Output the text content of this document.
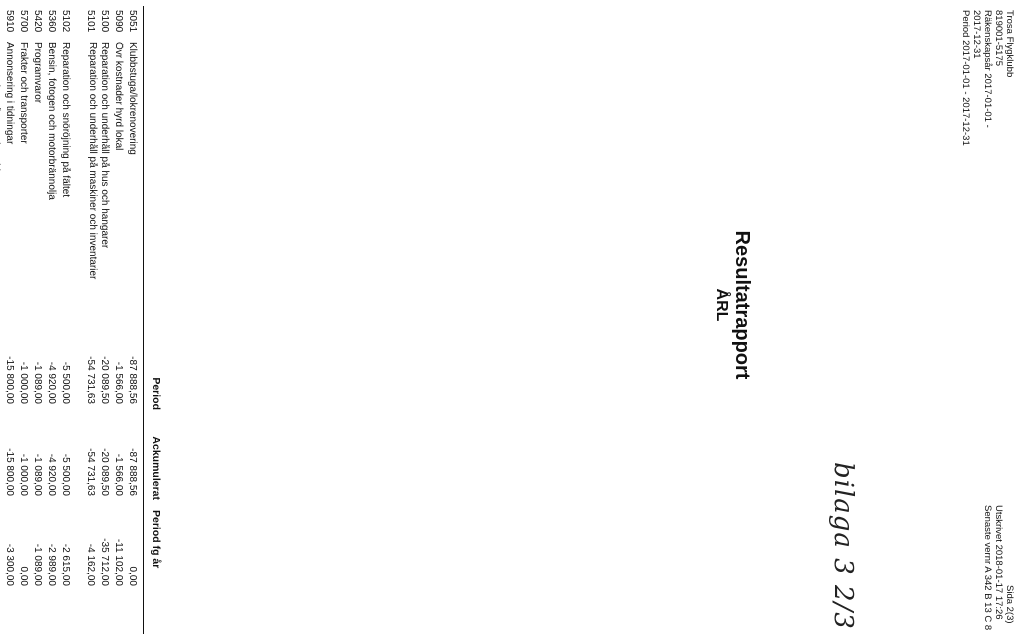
Trosa Flygklubb
819001-5175
Räkenskapsår 2017-01-01 -
2017-12-31
Period 2017-01-01 - 2017-12-31
Resultatrapport
ÅRL
Sida 2(3)
Utskrivet 2018-01-17 17:26
Senaste vernr A 342 B 13 C 8
bilaga 3 2/3
Period
Ackumulerat
Period fg år
5051
Klubbstuga/lokrenovering
-87 888,56
-87 888,56
0,00
5090
Övr kostnader hyrd lokal
-1 566,00
-1 566,00
-11 102,00
5100
Reparation och underhåll på hus och hangarer
-20 089,50
-20 089,50
-35 712,00
5101
Reparation och underhåll på maskiner och inventarier
-54 731,63
-54 731,63
-4 162,00
5102
Reparation och snöröjning på fältet
-5 500,00
-5 500,00
-2 615,00
5360
Bensin, fotogen och motorbrännolja
-4 920,00
-4 920,00
-2 989,00
5420
Programvaror
-1 089,00
-1 089,00
-1 089,00
5700
Frakter och transporter
-1 000,00
-1 000,00
0,00
5910
Annonsering i tidningar
-15 800,00
-15 800,00
-3 300,00
